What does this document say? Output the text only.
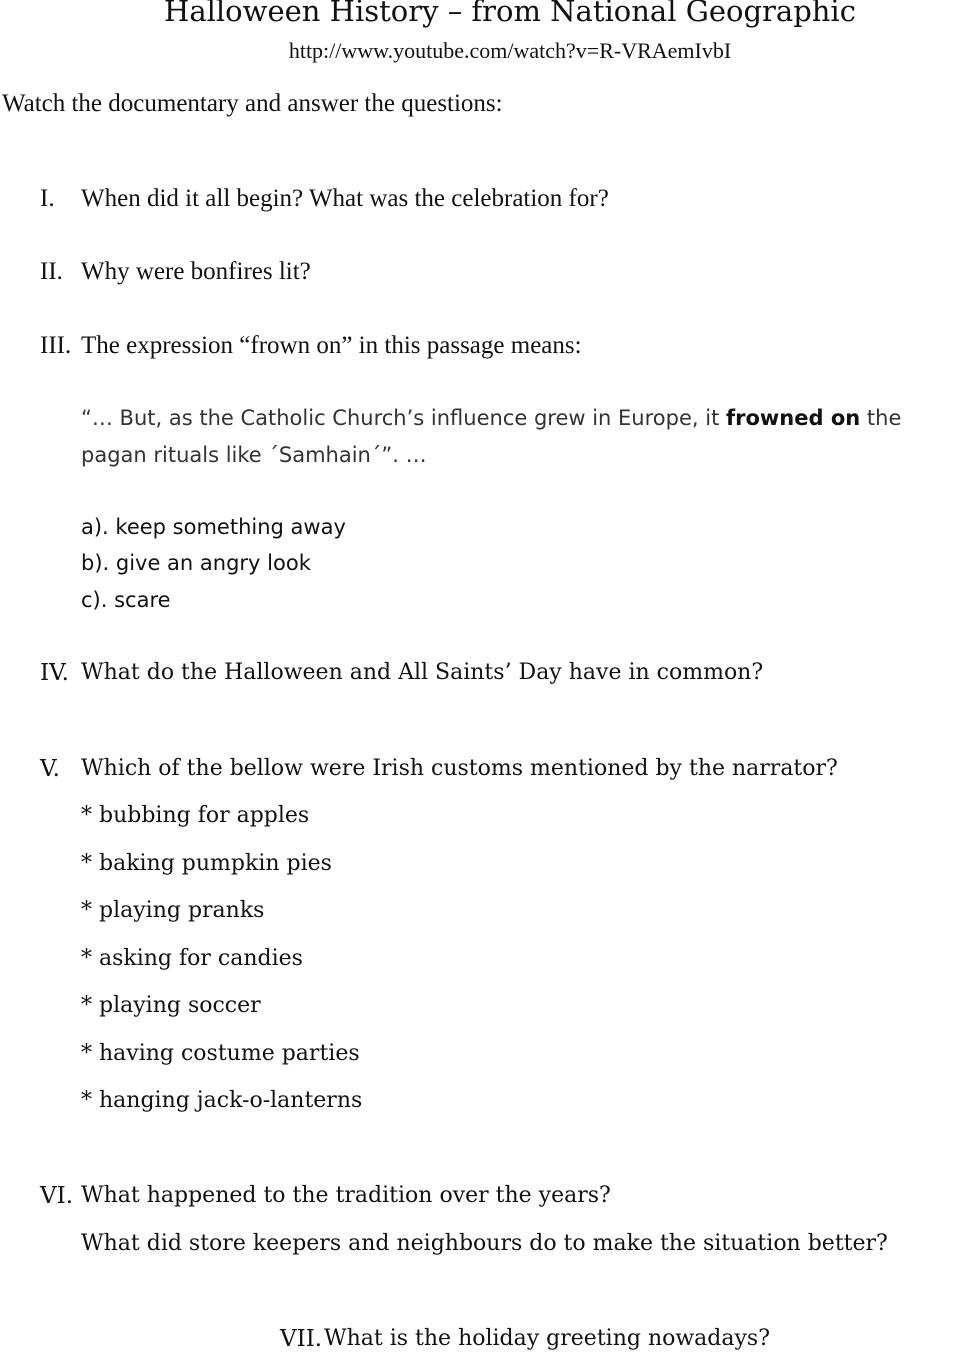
Halloween History – from National Geographic
http://www.youtube.com/watch?v=R-VRAemIvbI
Watch the documentary and answer the questions:
I. When did it all begin? What was the celebration for?
II. Why were bonfires lit?
III. The expression “frown on” in this passage means:
“… But, as the Catholic Church’s influence grew in Europe, it frowned on the
pagan rituals like ´Samhain´”. …
a). keep something away
b). give an angry look
c). scare
IV. What do the Halloween and All Saints’ Day have in common?
V. Which of the bellow were Irish customs mentioned by the narrator?
* bubbing for apples
* baking pumpkin pies
* playing pranks
* asking for candies
* playing soccer
* having costume parties
* hanging jack-o-lanterns
VI. What happened to the tradition over the years?
What did store keepers and neighbours do to make the situation better?
VII. What is the holiday greeting nowadays?
